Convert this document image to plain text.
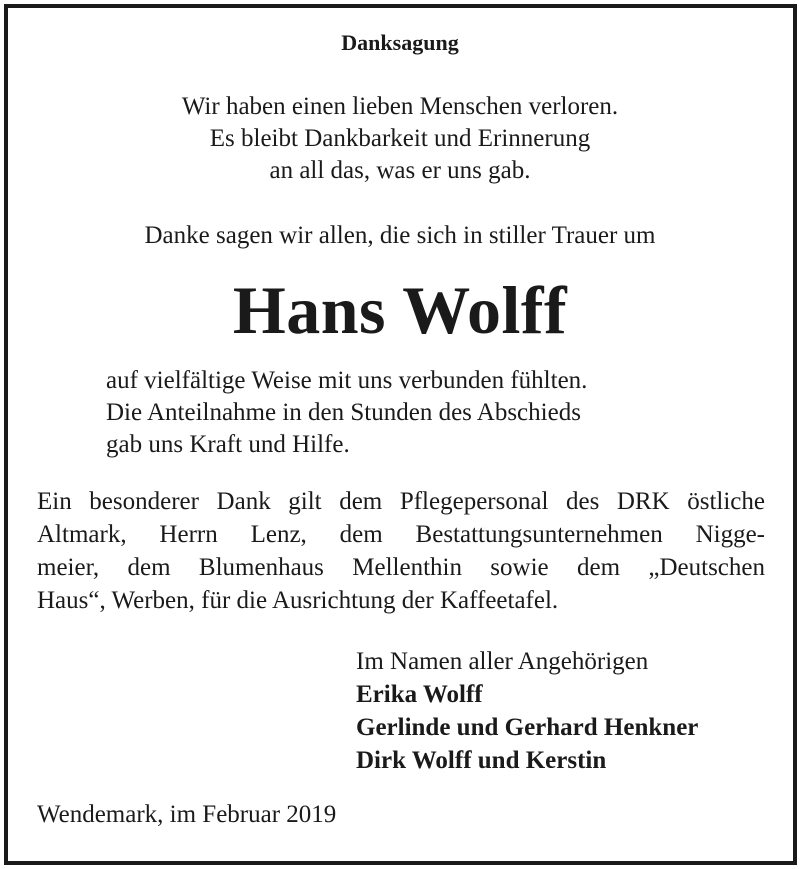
Danksagung
Wir haben einen lieben Menschen verloren.
Es bleibt Dankbarkeit und Erinnerung
an all das, was er uns gab.
Danke sagen wir allen, die sich in stiller Trauer um
Hans Wolff
auf vielfältige Weise mit uns verbunden fühlten.
Die Anteilnahme in den Stunden des Abschieds
gab uns Kraft und Hilfe.
Ein besonderer Dank gilt dem Pflegepersonal des DRK östliche
Altmark, Herrn Lenz, dem Bestattungsunternehmen Nigge-
meier, dem Blumenhaus Mellenthin sowie dem „Deutschen
Haus“, Werben, für die Ausrichtung der Kaffeetafel.
Im Namen aller Angehörigen
Erika Wolff
Gerlinde und Gerhard Henkner
Dirk Wolff und Kerstin
Wendemark, im Februar 2019
